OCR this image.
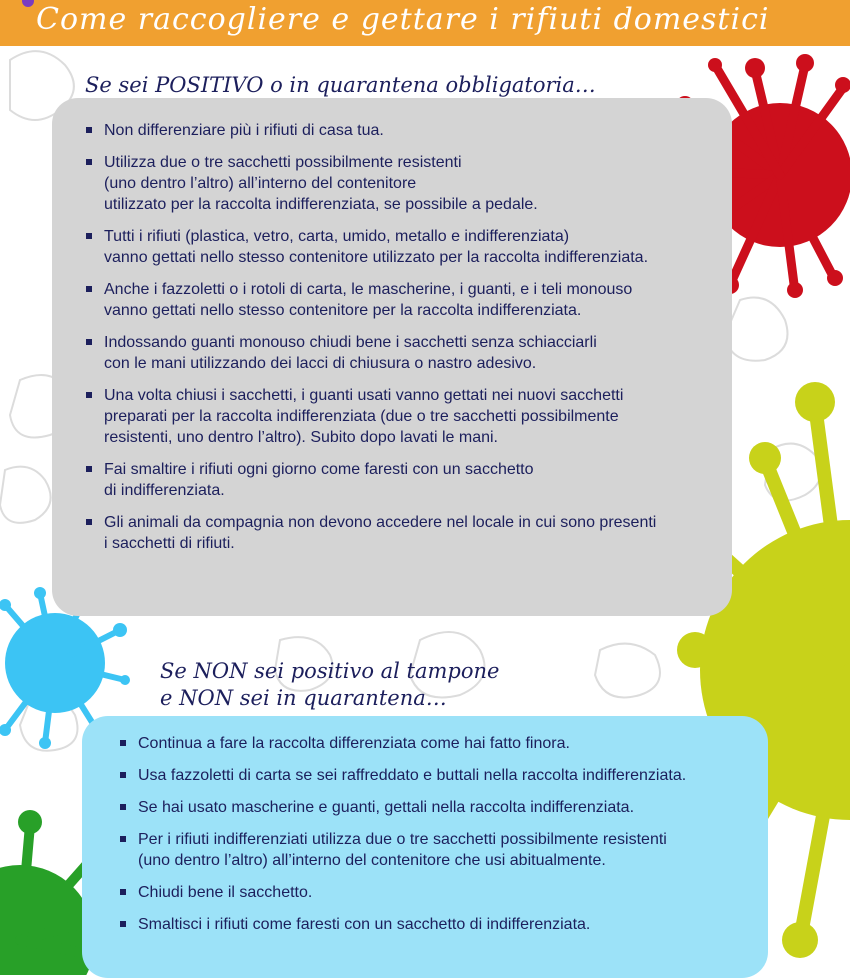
Come raccogliere e gettare i rifiuti domestici
Se sei POSITIVO o in quarantena obbligatoria…
Non differenziare più i rifiuti di casa tua.
Utilizza due o tre sacchetti possibilmente resistenti
(uno dentro l’altro) all’interno del contenitore
utilizzato per la raccolta indifferenziata, se possibile a pedale.
Tutti i rifiuti (plastica, vetro, carta, umido, metallo e indifferenziata)
vanno gettati nello stesso contenitore utilizzato per la raccolta indifferenziata.
Anche i fazzoletti o i rotoli di carta, le mascherine, i guanti, e i teli monouso
vanno gettati nello stesso contenitore per la raccolta indifferenziata.
Indossando guanti monouso chiudi bene i sacchetti senza schiacciarli
con le mani utilizzando dei lacci di chiusura o nastro adesivo.
Una volta chiusi i sacchetti, i guanti usati vanno gettati nei nuovi sacchetti
preparati per la raccolta indifferenziata (due o tre sacchetti possibilmente
resistenti, uno dentro l’altro). Subito dopo lavati le mani.
Fai smaltire i rifiuti ogni giorno come faresti con un sacchetto
di indifferenziata.
Gli animali da compagnia non devono accedere nel locale in cui sono presenti
i sacchetti di rifiuti.
Se NON sei positivo al tampone
e NON sei in quarantena…
Continua a fare la raccolta differenziata come hai fatto finora.
Usa fazzoletti di carta se sei raffreddato e buttali nella raccolta indifferenziata.
Se hai usato mascherine e guanti, gettali nella raccolta indifferenziata.
Per i rifiuti indifferenziati utilizza due o tre sacchetti possibilmente resistenti
(uno dentro l’altro) all’interno del contenitore che usi abitualmente.
Chiudi bene il sacchetto.
Smaltisci i rifiuti come faresti con un sacchetto di indifferenziata.
